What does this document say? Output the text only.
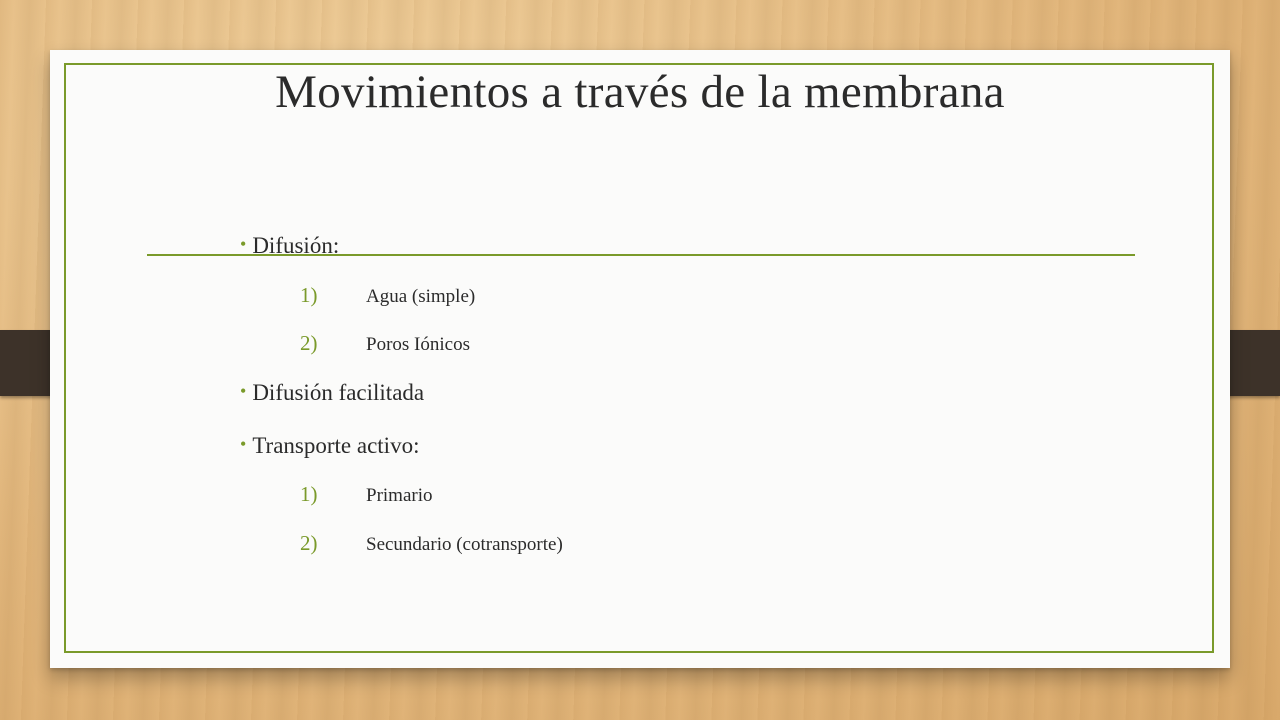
Movimientos a través de la membrana
• Difusión:
1)	Agua (simple)
2)	Poros Iónicos
• Difusión facilitada
• Transporte activo:
1)	Primario
2)	Secundario (cotransporte)
